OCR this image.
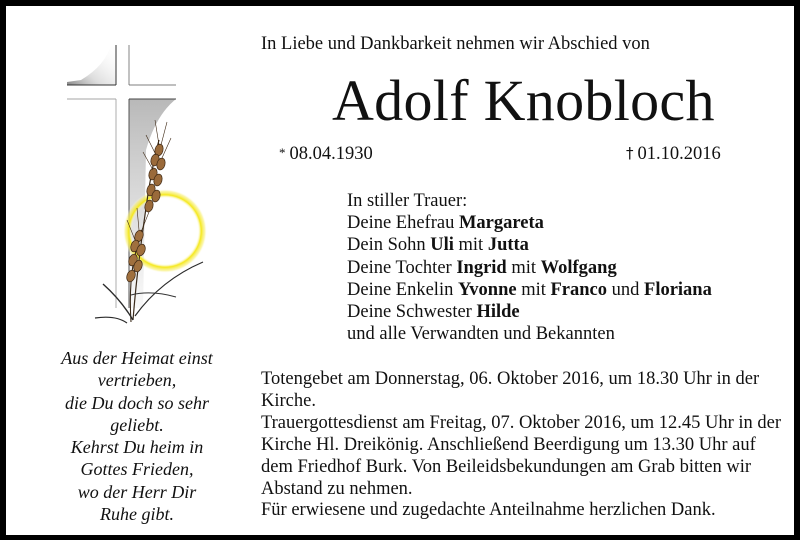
In Liebe und Dankbarkeit nehmen wir Abschied von
Adolf Knobloch
* 08.04.1930	† 01.10.2016
In stiller Trauer:
Deine Ehefrau Margareta
Dein Sohn Uli mit Jutta
Deine Tochter Ingrid mit Wolfgang
Deine Enkelin Yvonne mit Franco und Floriana
Deine Schwester Hilde
und alle Verwandten und Bekannten
Aus der Heimat einst
vertrieben,
die Du doch so sehr
geliebt.
Kehrst Du heim in
Gottes Frieden,
wo der Herr Dir
Ruhe gibt.
Totengebet am Donnerstag, 06. Oktober 2016, um 18.30 Uhr in der Kirche.
Trauergottesdienst am Freitag, 07. Oktober 2016, um 12.45 Uhr in der Kirche Hl. Dreikönig. Anschließend Beerdigung um 13.30 Uhr auf dem Friedhof Burk. Von Beileidsbekundungen am Grab bitten wir Abstand zu nehmen.
Für erwiesene und zugedachte Anteilnahme herzlichen Dank.
